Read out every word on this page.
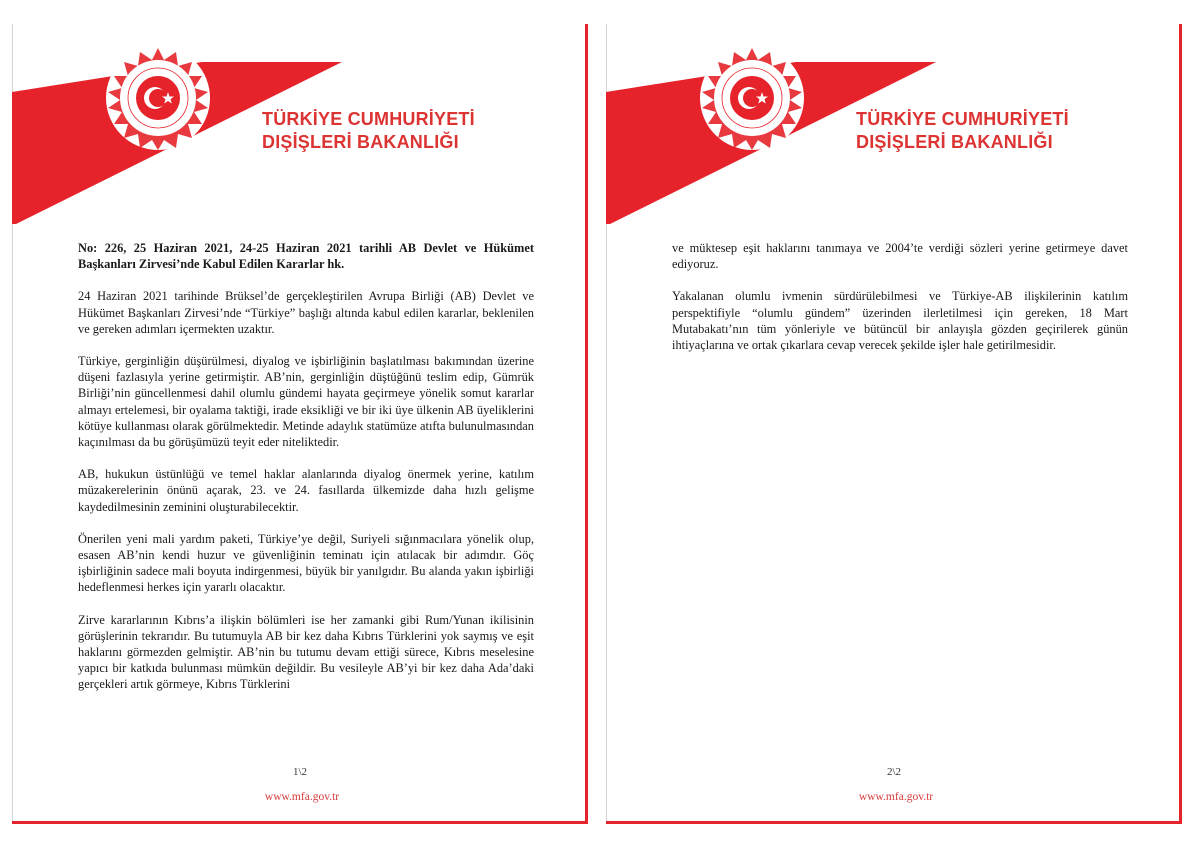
TÜRKİYE CUMHURİYETİ
DIŞİŞLERİ BAKANLIĞI

No: 226, 25 Haziran 2021, 24-25 Haziran 2021 tarihli AB Devlet ve Hükümet Başkanları Zirvesi’nde Kabul Edilen Kararlar hk.

24 Haziran 2021 tarihinde Brüksel’de gerçekleştirilen Avrupa Birliği (AB) Devlet ve Hükümet Başkanları Zirvesi’nde “Türkiye” başlığı altında kabul edilen kararlar, beklenilen ve gereken adımları içermekten uzaktır.

Türkiye, gerginliğin düşürülmesi, diyalog ve işbirliğinin başlatılması bakımından üzerine düşeni fazlasıyla yerine getirmiştir. AB’nin, gerginliğin düştüğünü teslim edip, Gümrük Birliği’nin güncellenmesi dahil olumlu gündemi hayata geçirmeye yönelik somut kararlar almayı ertelemesi, bir oyalama taktiği, irade eksikliği ve bir iki üye ülkenin AB üyeliklerini kötüye kullanması olarak görülmektedir. Metinde adaylık statümüze atıfta bulunulmasından kaçınılması da bu görüşümüzü teyit eder niteliktedir.

AB, hukukun üstünlüğü ve temel haklar alanlarında diyalog önermek yerine, katılım müzakerelerinin önünü açarak, 23. ve 24. fasıllarda ülkemizde daha hızlı gelişme kaydedilmesinin zeminini oluşturabilecektir.

Önerilen yeni mali yardım paketi, Türkiye’ye değil, Suriyeli sığınmacılara yönelik olup, esasen AB’nin kendi huzur ve güvenliğinin teminatı için atılacak bir adımdır. Göç işbirliğinin sadece mali boyuta indirgenmesi, büyük bir yanılgıdır. Bu alanda yakın işbirliği hedeflenmesi herkes için yararlı olacaktır.

Zirve kararlarının Kıbrıs’a ilişkin bölümleri ise her zamanki gibi Rum/Yunan ikilisinin görüşlerinin tekrarıdır. Bu tutumuyla AB bir kez daha Kıbrıs Türklerini yok saymış ve eşit haklarını görmezden gelmiştir. AB’nin bu tutumu devam ettiği sürece, Kıbrıs meselesine yapıcı bir katkıda bulunması mümkün değildir. Bu vesileyle AB’yi bir kez daha Ada’daki gerçekleri artık görmeye, Kıbrıs Türklerini

1\2
www.mfa.gov.tr
TÜRKİYE CUMHURİYETİ
DIŞİŞLERİ BAKANLIĞI

ve müktesep eşit haklarını tanımaya ve 2004’te verdiği sözleri yerine getirmeye davet ediyoruz.

Yakalanan olumlu ivmenin sürdürülebilmesi ve Türkiye-AB ilişkilerinin katılım perspektifiyle “olumlu gündem” üzerinden ilerletilmesi için gereken, 18 Mart Mutabakatı’nın tüm yönleriyle ve bütüncül bir anlayışla gözden geçirilerek günün ihtiyaçlarına ve ortak çıkarlara cevap verecek şekilde işler hale getirilmesidir.

2\2
www.mfa.gov.tr
